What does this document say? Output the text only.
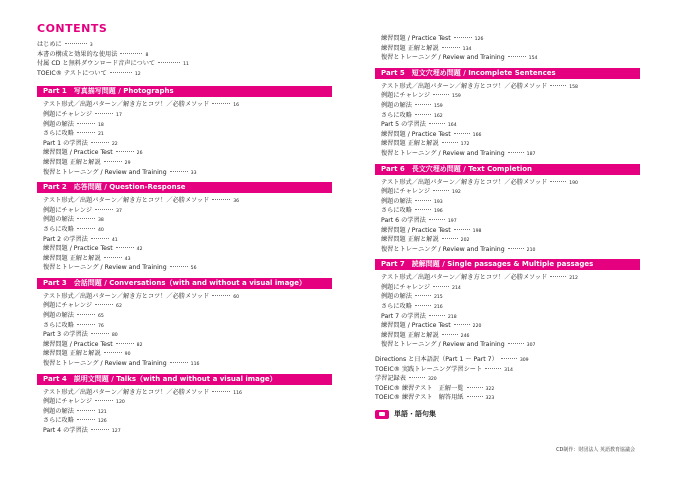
CONTENTS
はじめに	3
本書の構成と効果的な使用法	8
付属 CD と無料ダウンロード音声について	11
TOEIC® テストについて	12
Part 1　写真描写問題 / Photographs
テスト形式／出題パターン／解き方とコツ！／必勝メソッド	16
例題にチャレンジ	17
例題の解法	18
さらに攻略	21
Part 1 の学習法	22
練習問題 / Practice Test	26
練習問題 正解と解説	29
復習とトレーニング / Review and Training	33
Part 2　応答問題 / Question-Response
テスト形式／出題パターン／解き方とコツ！／必勝メソッド	36
例題にチャレンジ	37
例題の解法	38
さらに攻略	40
Part 2 の学習法	41
練習問題 / Practice Test	42
練習問題 正解と解説	43
復習とトレーニング / Review and Training	56
Part 3　会話問題 / Conversations（with and without a visual image）
テスト形式／出題パターン／解き方とコツ！／必勝メソッド	60
例題にチャレンジ	62
例題の解法	65
さらに攻略	76
Part 3 の学習法	80
練習問題 / Practice Test	82
練習問題 正解と解説	90
復習とトレーニング / Review and Training	116
Part 4　説明文問題 / Talks（with and without a visual image）
テスト形式／出題パターン／解き方とコツ！／必勝メソッド	116
例題にチャレンジ	120
例題の解法	121
さらに攻略	126
Part 4 の学習法	127
練習問題 / Practice Test	126
練習問題 正解と解説	134
復習とトレーニング / Review and Training	154
Part 5　短文穴埋め問題 / Incomplete Sentences
テスト形式／出題パターン／解き方とコツ！／必勝メソッド	158
例題にチャレンジ	159
例題の解法	159
さらに攻略	162
Part 5 の学習法	164
練習問題 / Practice Test	166
練習問題 正解と解説	172
復習とトレーニング / Review and Training	187
Part 6　長文穴埋め問題 / Text Completion
テスト形式／出題パターン／解き方とコツ！／必勝メソッド	190
例題にチャレンジ	192
例題の解法	193
さらに攻略	196
Part 6 の学習法	197
練習問題 / Practice Test	198
練習問題 正解と解説	202
復習とトレーニング / Review and Training	210
Part 7　読解問題 / Single passages & Multiple passages
テスト形式／出題パターン／解き方とコツ！／必勝メソッド	212
例題にチャレンジ	214
例題の解法	215
さらに攻略	216
Part 7 の学習法	218
練習問題 / Practice Test	220
練習問題 正解と解説	246
復習とトレーニング / Review and Training	307
Directions と日本語訳（Part 1 ～ Part 7）	309
TOEIC® 実践トレーニング学習シート	314
学習記録表	320
TOEIC® 練習テスト　正解一覧	322
TOEIC® 練習テスト　解答用紙	323
単語・語句集
CD制作：財団法人 英語教育協議会
